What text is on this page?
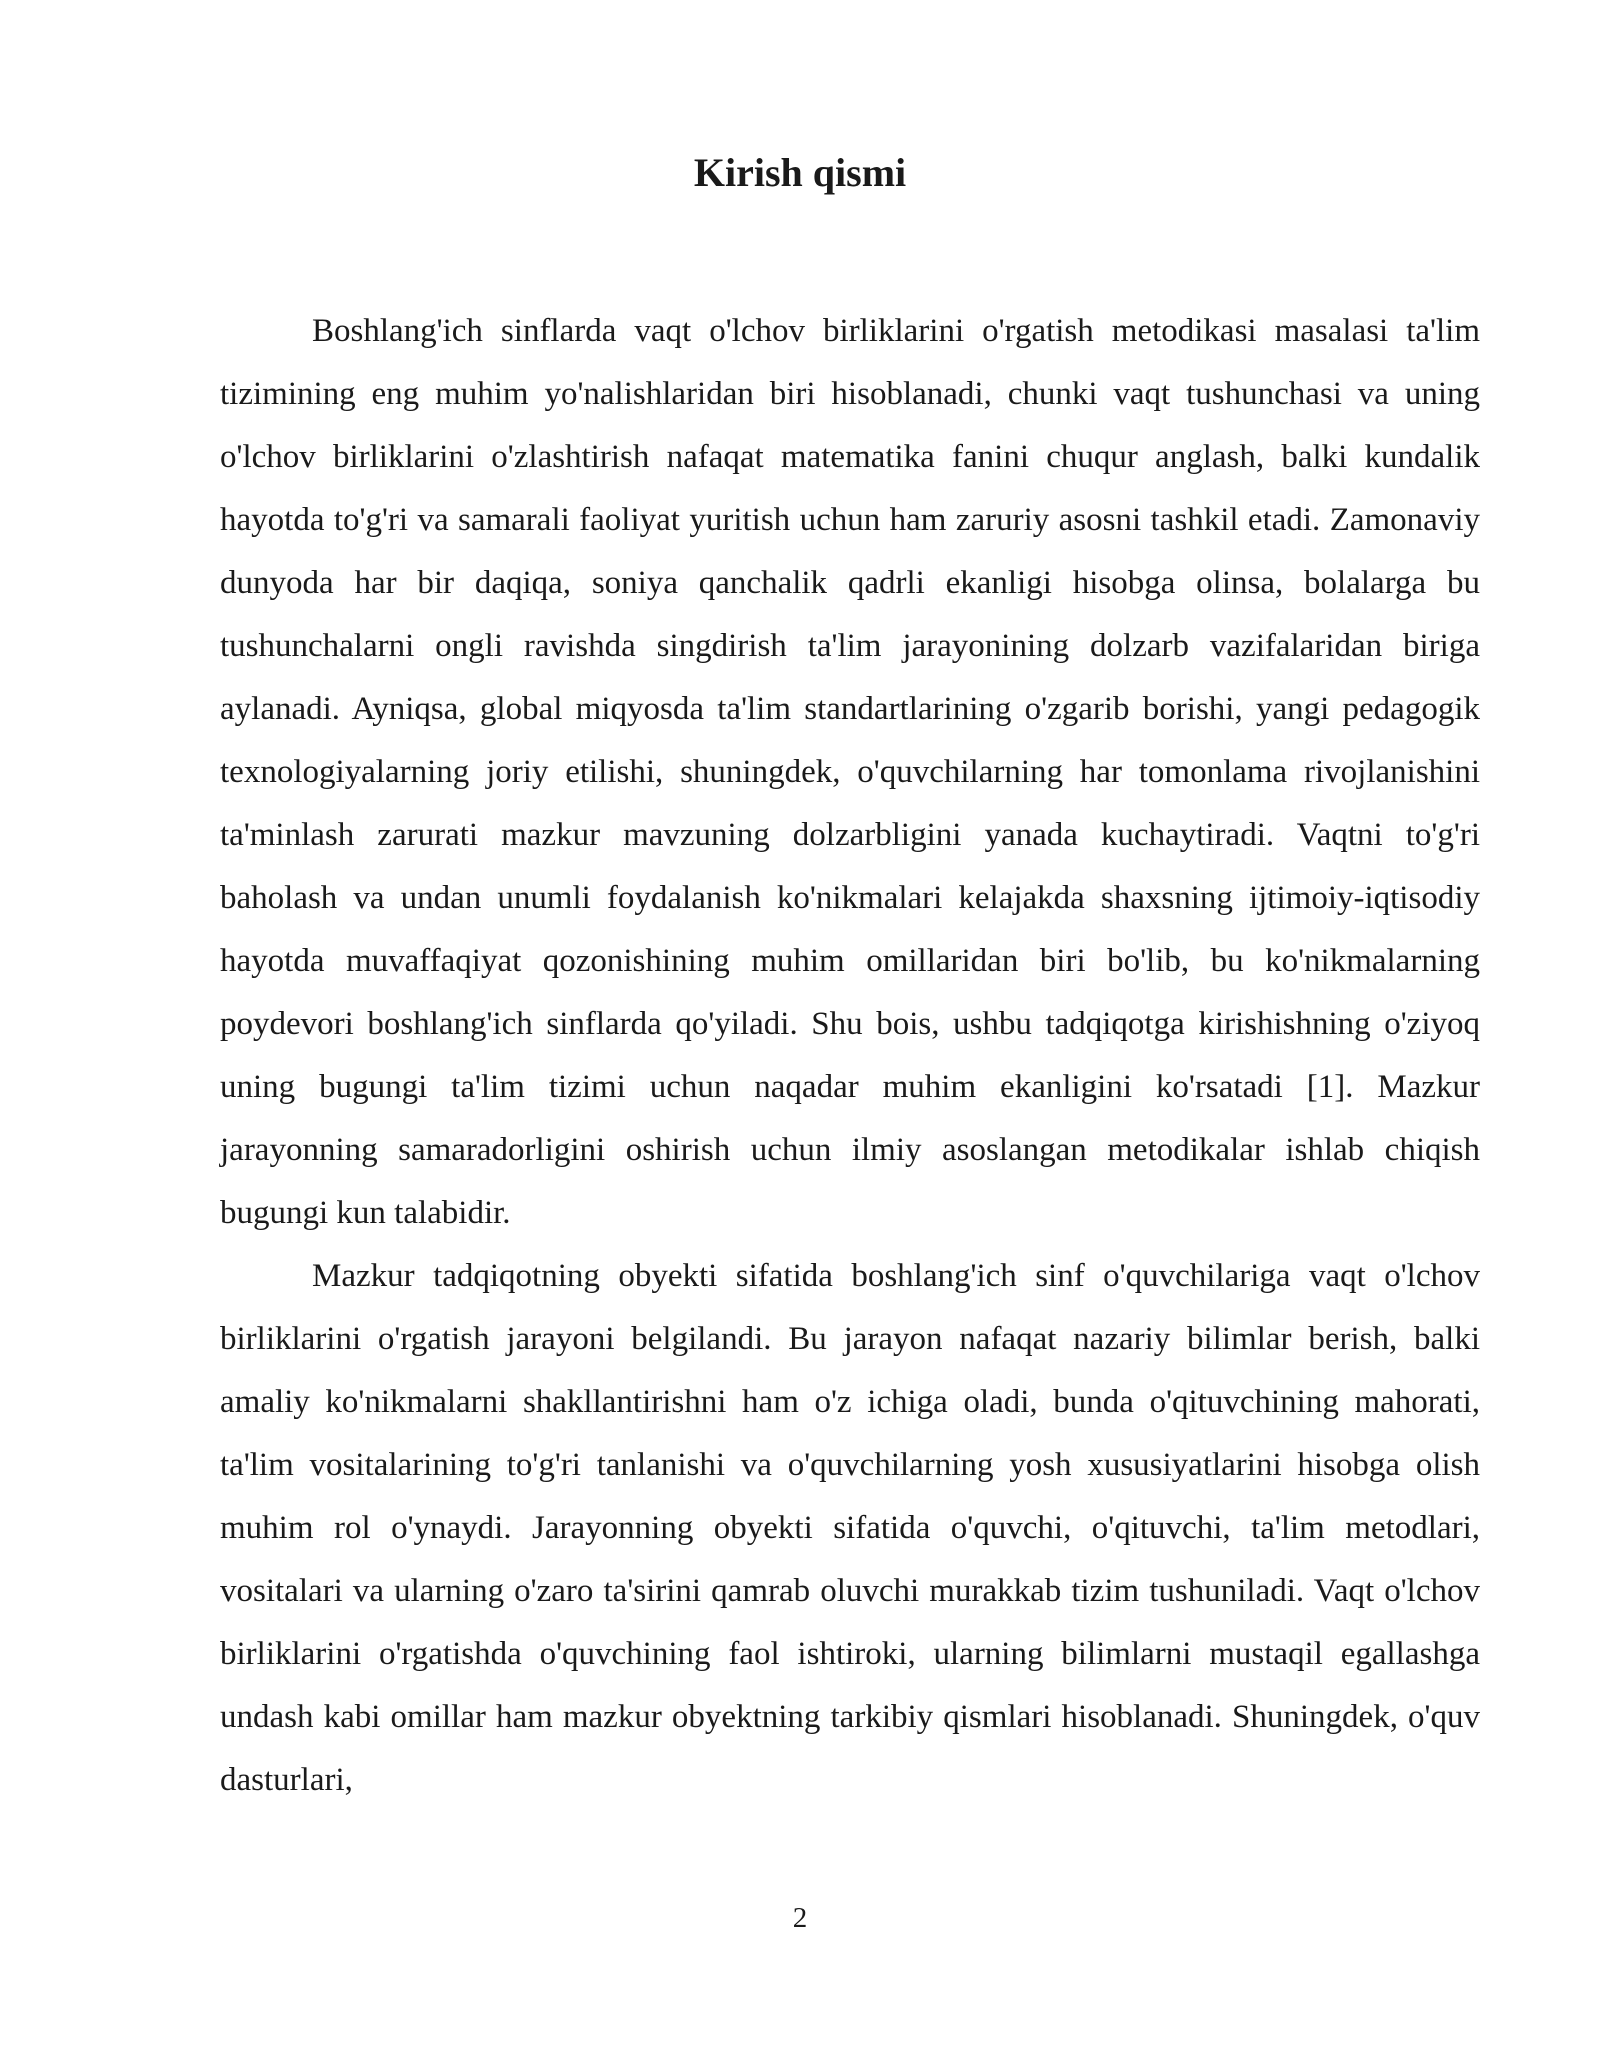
Kirish qismi

Boshlang'ich sinflarda vaqt o'lchov birliklarini o'rgatish metodikasi masalasi ta'lim tizimining eng muhim yo'nalishlaridan biri hisoblanadi, chunki vaqt tushunchasi va uning o'lchov birliklarini o'zlashtirish nafaqat matematika fanini chuqur anglash, balki kundalik hayotda to'g'ri va samarali faoliyat yuritish uchun ham zaruriy asosni tashkil etadi. Zamonaviy dunyoda har bir daqiqa, soniya qanchalik qadrli ekanligi hisobga olinsa, bolalarga bu tushunchalarni ongli ravishda singdirish ta'lim jarayonining dolzarb vazifalaridan biriga aylanadi. Ayniqsa, global miqyosda ta'lim standartlarining o'zgarib borishi, yangi pedagogik texnologiyalarning joriy etilishi, shuningdek, o'quvchilarning har tomonlama rivojlanishini ta'minlash zarurati mazkur mavzuning dolzarbligini yanada kuchaytiradi. Vaqtni to'g'ri baholash va undan unumli foydalanish ko'nikmalari kelajakda shaxsning ijtimoiy-iqtisodiy hayotda muvaffaqiyat qozonishining muhim omillaridan biri bo'lib, bu ko'nikmalarning poydevori boshlang'ich sinflarda qo'yiladi. Shu bois, ushbu tadqiqotga kirishishning o'ziyoq uning bugungi ta'lim tizimi uchun naqadar muhim ekanligini ko'rsatadi [1]. Mazkur jarayonning samaradorligini oshirish uchun ilmiy asoslangan metodikalar ishlab chiqish bugungi kun talabidir.

Mazkur tadqiqotning obyekti sifatida boshlang'ich sinf o'quvchilariga vaqt o'lchov birliklarini o'rgatish jarayoni belgilandi. Bu jarayon nafaqat nazariy bilimlar berish, balki amaliy ko'nikmalarni shakllantirishni ham o'z ichiga oladi, bunda o'qituvchining mahorati, ta'lim vositalarining to'g'ri tanlanishi va o'quvchilarning yosh xususiyatlarini hisobga olish muhim rol o'ynaydi. Jarayonning obyekti sifatida o'quvchi, o'qituvchi, ta'lim metodlari, vositalari va ularning o'zaro ta'sirini qamrab oluvchi murakkab tizim tushuniladi. Vaqt o'lchov birliklarini o'rgatishda o'quvchining faol ishtiroki, ularning bilimlarni mustaqil egallashga undash kabi omillar ham mazkur obyektning tarkibiy qismlari hisoblanadi. Shuningdek, o'quv dasturlari,

2
